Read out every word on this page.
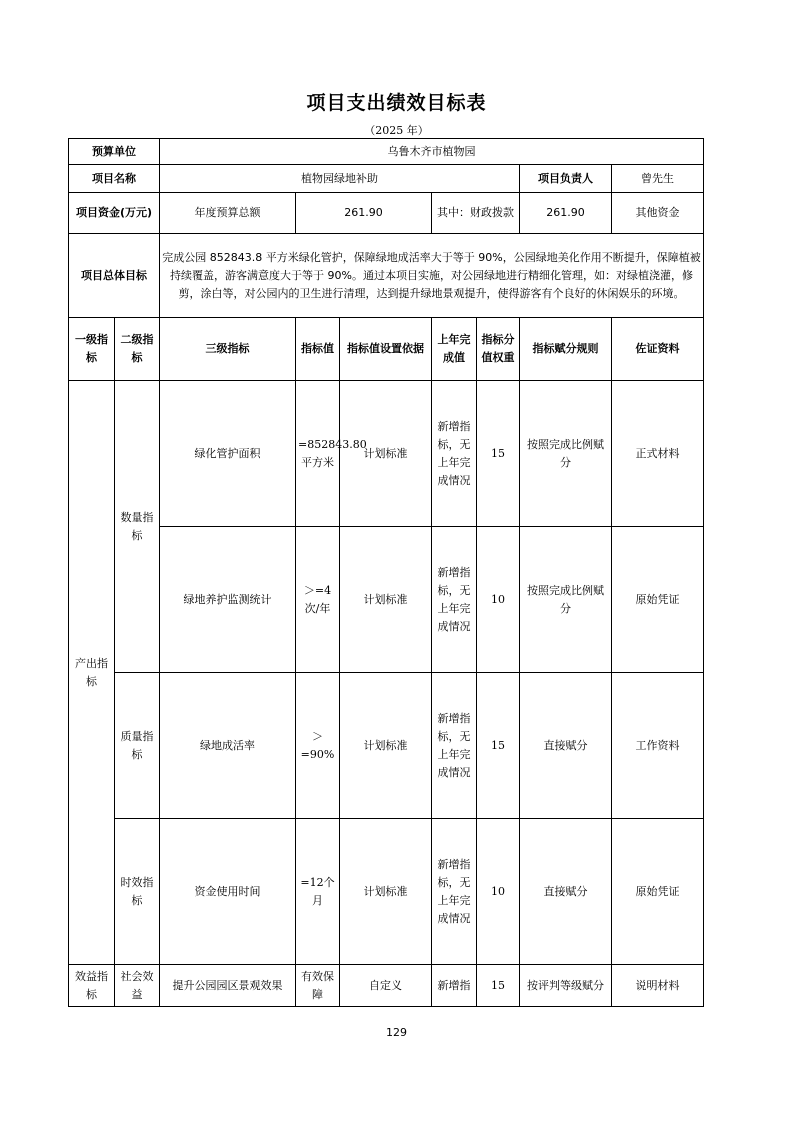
项目支出绩效目标表
（2025 年）
预算单位		乌鲁木齐市植物园						
项目名称		植物园绿地补助					项目负责人	曾先生
项目资金(万元)		年度预算总额	261.90		其中：财政拨款		261.90	其他资金
项目总体目标		完成公园 852843.8 平方米绿化管护，保障绿地成活率大于等于 90%，公园绿地美化作用不断提升，保障植被持续覆盖，游客满意度大于等于 90%。通过本项目实施，对公园绿地进行精细化管理，如：对绿植浇灌，修剪，涂白等，对公园内的卫生进行清理，达到提升绿地景观提升，使得游客有个良好的休闲娱乐的环境。						
一级指标	二级指标	三级指标	指标值	指标值设置依据	上年完成值	指标分值权重	指标赋分规则	佐证资料
产出指标	数量指标	绿化管护面积	=852843.80平方米	计划标准	新增指标，无上年完成情况	15	按照完成比例赋分	正式材料
		绿地养护监测统计	＞=4次/年	计划标准	新增指标，无上年完成情况	10	按照完成比例赋分	原始凭证
	质量指标	绿地成活率	＞=90%	计划标准	新增指标，无上年完成情况	15	直接赋分	工作资料
	时效指标	资金使用时间	=12个月	计划标准	新增指标，无上年完成情况	10	直接赋分	原始凭证
效益指标	社会效益	提升公园园区景观效果	有效保障	自定义	新增指	15	按评判等级赋分	说明材料
129
